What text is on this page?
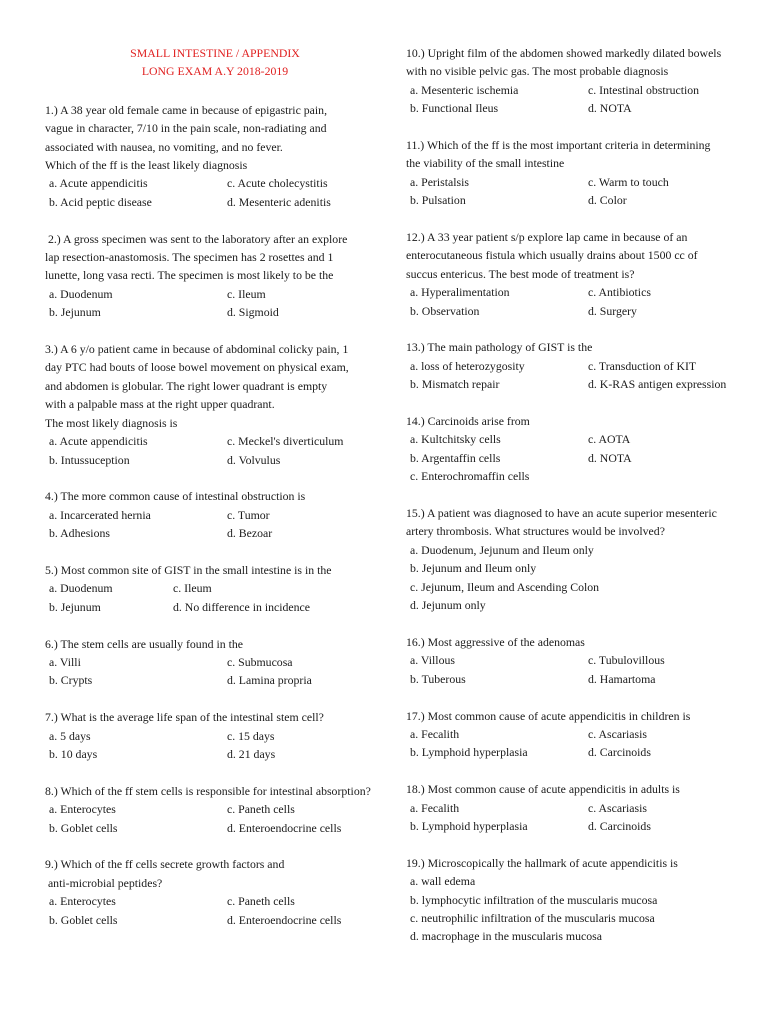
SMALL INTESTINE / APPENDIX

LONG EXAM A.Y 2018-2019

1.) A 38 year old female came in because of epigastric pain,
vague in character, 7/10 in the pain scale, non-radiating and
associated with nausea, no vomiting, and no fever.
Which of the ff is the least likely diagnosis

a. Acute appendicitis	c. Acute cholecystitis
b. Acid peptic disease	d. Mesenteric adenitis

2.) A gross specimen was sent to the laboratory after an explore
lap resection-anastomosis. The specimen has 2 rosettes and 1
lunette, long vasa recti. The specimen is most likely to be the

a. Duodenum	c. Ileum
b. Jejunum	d. Sigmoid

3.) A 6 y/o patient came in because of abdominal colicky pain, 1
day PTC had bouts of loose bowel movement on physical exam,
and abdomen is globular. The right lower quadrant is empty
with a palpable mass at the right upper quadrant.
The most likely diagnosis is

a. Acute appendicitis	c. Meckel's diverticulum
b. Intussuception	d. Volvulus

4.) The more common cause of intestinal obstruction is

a. Incarcerated hernia	c. Tumor
b. Adhesions	d. Bezoar

5.) Most common site of GIST in the small intestine is in the

a. Duodenum	c. Ileum
b. Jejunum	d. No difference in incidence

6.) The stem cells are usually found in the

a. Villi	c. Submucosa
b. Crypts	d. Lamina propria

7.) What is the average life span of the intestinal stem cell?

a. 5 days	c. 15 days
b. 10 days	d. 21 days

8.) Which of the ff stem cells is responsible for intestinal absorption?

a. Enterocytes	c. Paneth cells
b. Goblet cells	d. Enteroendocrine cells

9.) Which of the ff cells secrete growth factors and
anti-microbial peptides?

a. Enterocytes	c. Paneth cells
b. Goblet cells	d. Enteroendocrine cells

10.) Upright film of the abdomen showed markedly dilated bowels
with no visible pelvic gas. The most probable diagnosis

a. Mesenteric ischemia	c. Intestinal obstruction
b. Functional Ileus	d. NOTA

11.) Which of the ff is the most important criteria in determining
the viability of the small intestine

a. Peristalsis	c. Warm to touch
b. Pulsation	d. Color

12.) A 33 year patient s/p explore lap came in because of an
enterocutaneous fistula which usually drains about 1500 cc of
succus entericus. The best mode of treatment is?

a. Hyperalimentation	c. Antibiotics
b. Observation	d. Surgery

13.) The main pathology of GIST is the

a. loss of heterozygosity	c. Transduction of KIT
b. Mismatch repair	d. K-RAS antigen expression

14.) Carcinoids arise from

a. Kultchitsky cells	c. AOTA
b. Argentaffin cells	d. NOTA
c. Enterochromaffin cells

15.) A patient was diagnosed to have an acute superior mesenteric
artery thrombosis. What structures would be involved?

a. Duodenum, Jejunum and Ileum only
b. Jejunum and Ileum only
c. Jejunum, Ileum and Ascending Colon
d. Jejunum only

16.) Most aggressive of the adenomas

a. Villous	c. Tubulovillous
b. Tuberous	d. Hamartoma

17.) Most common cause of acute appendicitis in children is

a. Fecalith	c. Ascariasis
b. Lymphoid hyperplasia	d. Carcinoids

18.) Most common cause of acute appendicitis in adults is

a. Fecalith	c. Ascariasis
b. Lymphoid hyperplasia	d. Carcinoids

19.) Microscopically the hallmark of acute appendicitis is

a. wall edema
b. lymphocytic infiltration of the muscularis mucosa
c. neutrophilic infiltration of the muscularis mucosa
d. macrophage in the muscularis mucosa
